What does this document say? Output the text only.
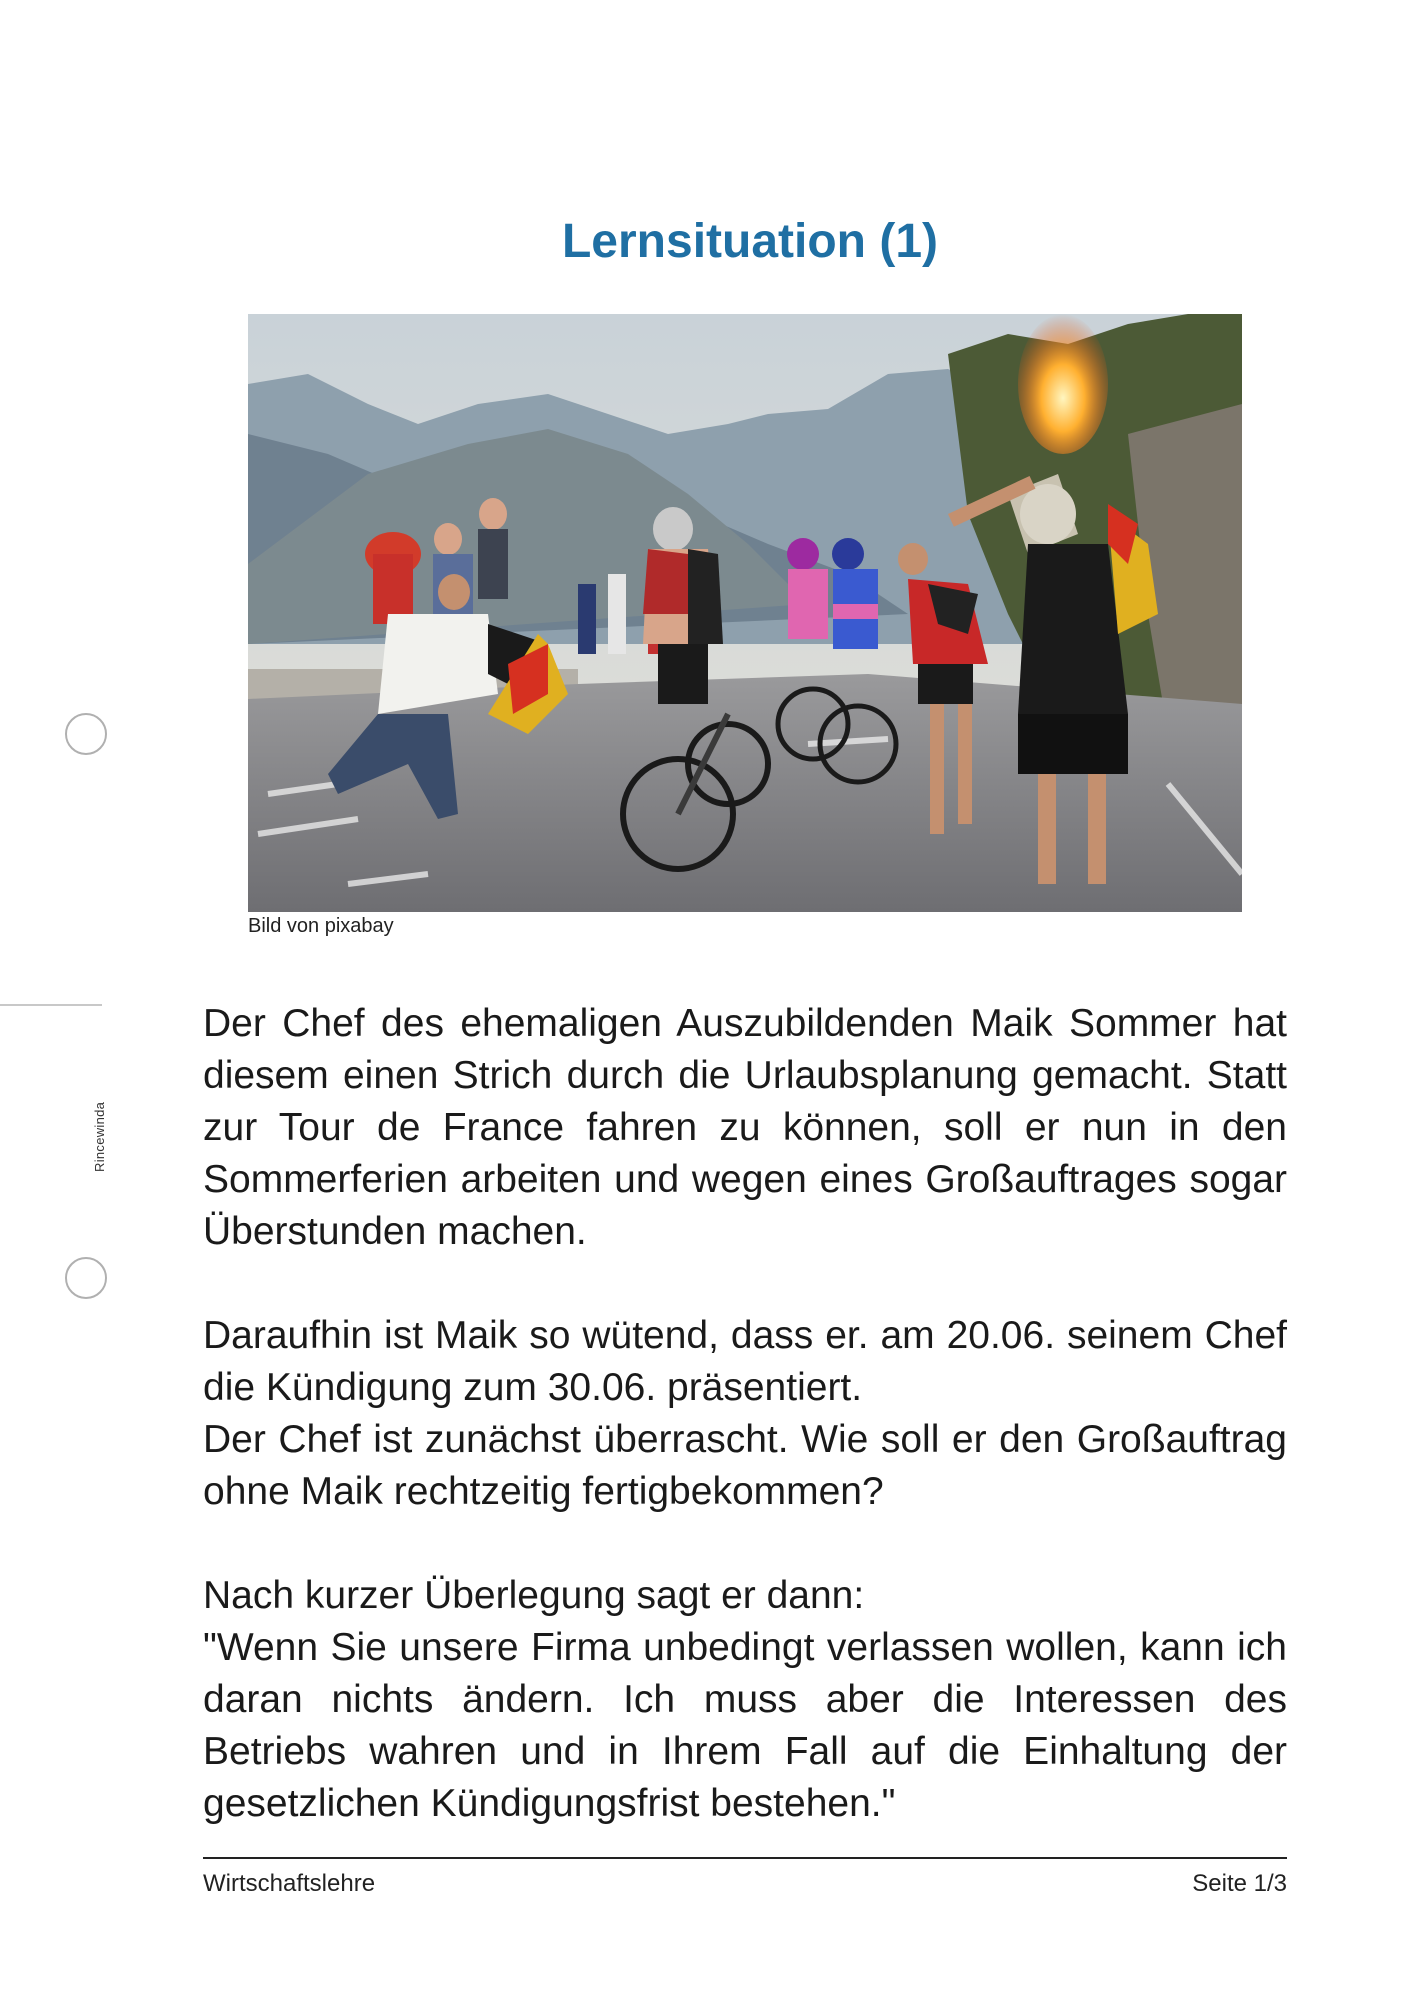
Lernsituation (1)
Rincewinda
Bild von pixabay

Der Chef des ehemaligen Auszubildenden Maik Sommer hat diesem einen Strich durch die Urlaubsplanung gemacht. Statt zur Tour de France fahren zu können, soll er nun in den Sommerferien arbeiten und wegen eines Großauftrages sogar Überstunden machen.

Daraufhin ist Maik so wütend, dass er. am 20.06. seinem Chef die Kündigung zum 30.06. präsentiert.

Der Chef ist zunächst überrascht. Wie soll er den Großauftrag ohne Maik rechtzeitig fertigbekommen?

Nach kurzer Überlegung sagt er dann:

"Wenn Sie unsere Firma unbedingt verlassen wollen, kann ich daran nichts ändern. Ich muss aber die Interessen des Betriebs wahren und in Ihrem Fall auf die Einhaltung der gesetzlichen Kündigungsfrist bestehen."

Wirtschaftslehre	Seite 1/3
